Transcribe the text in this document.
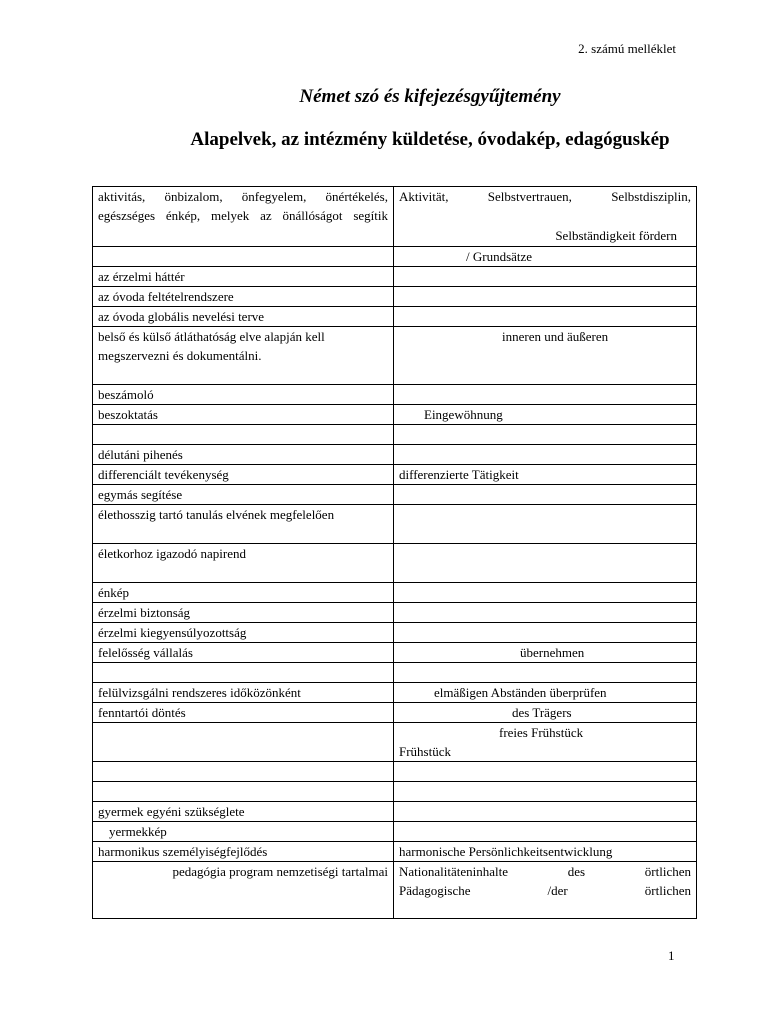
2. számú melléklet
Német szó és kifejezésgyűjtemény
Alapelvek, az intézmény küldetése, óvodakép, edagóguskép
aktivitás, önbizalom, önfegyelem, önértékelés, egészséges énkép, melyek az önállóságot segítik	Aktivität, Selbstvertrauen, Selbstdisziplin,
Selbständigkeit fördern

	/ Grundsätze
az érzelmi háttér	
az óvoda feltételrendszere	
az óvoda globális nevelési terve	
belső és külső átláthatóság elve alapján kell megszervezni és dokumentálni.	inneren und äußeren
beszámoló	
beszoktatás	Eingewöhnung

délutáni pihenés	
differenciált tevékenység	differenzierte Tätigkeit
egymás segítése	
élethosszig tartó tanulás elvének megfelelően	
életkorhoz igazodó napirend	
énkép	
érzelmi biztonság	
érzelmi kiegyensúlyozottság	
felelősség vállalás	übernehmen

felülvizsgálni rendszeres időközönként	elmäßigen Abständen überprüfen
fenntartói döntés	des Trägers

	freies Frühstück
Frühstück

gyermek egyéni szükséglete	
yermekkép	
harmonikus személyiségfejlődés	harmonische Persönlichkeitsentwicklung
pedagógia program nemzetiségi tartalmai	Nationalitäteninhalte des örtlichen
Pädagogische /der örtlichen
1
